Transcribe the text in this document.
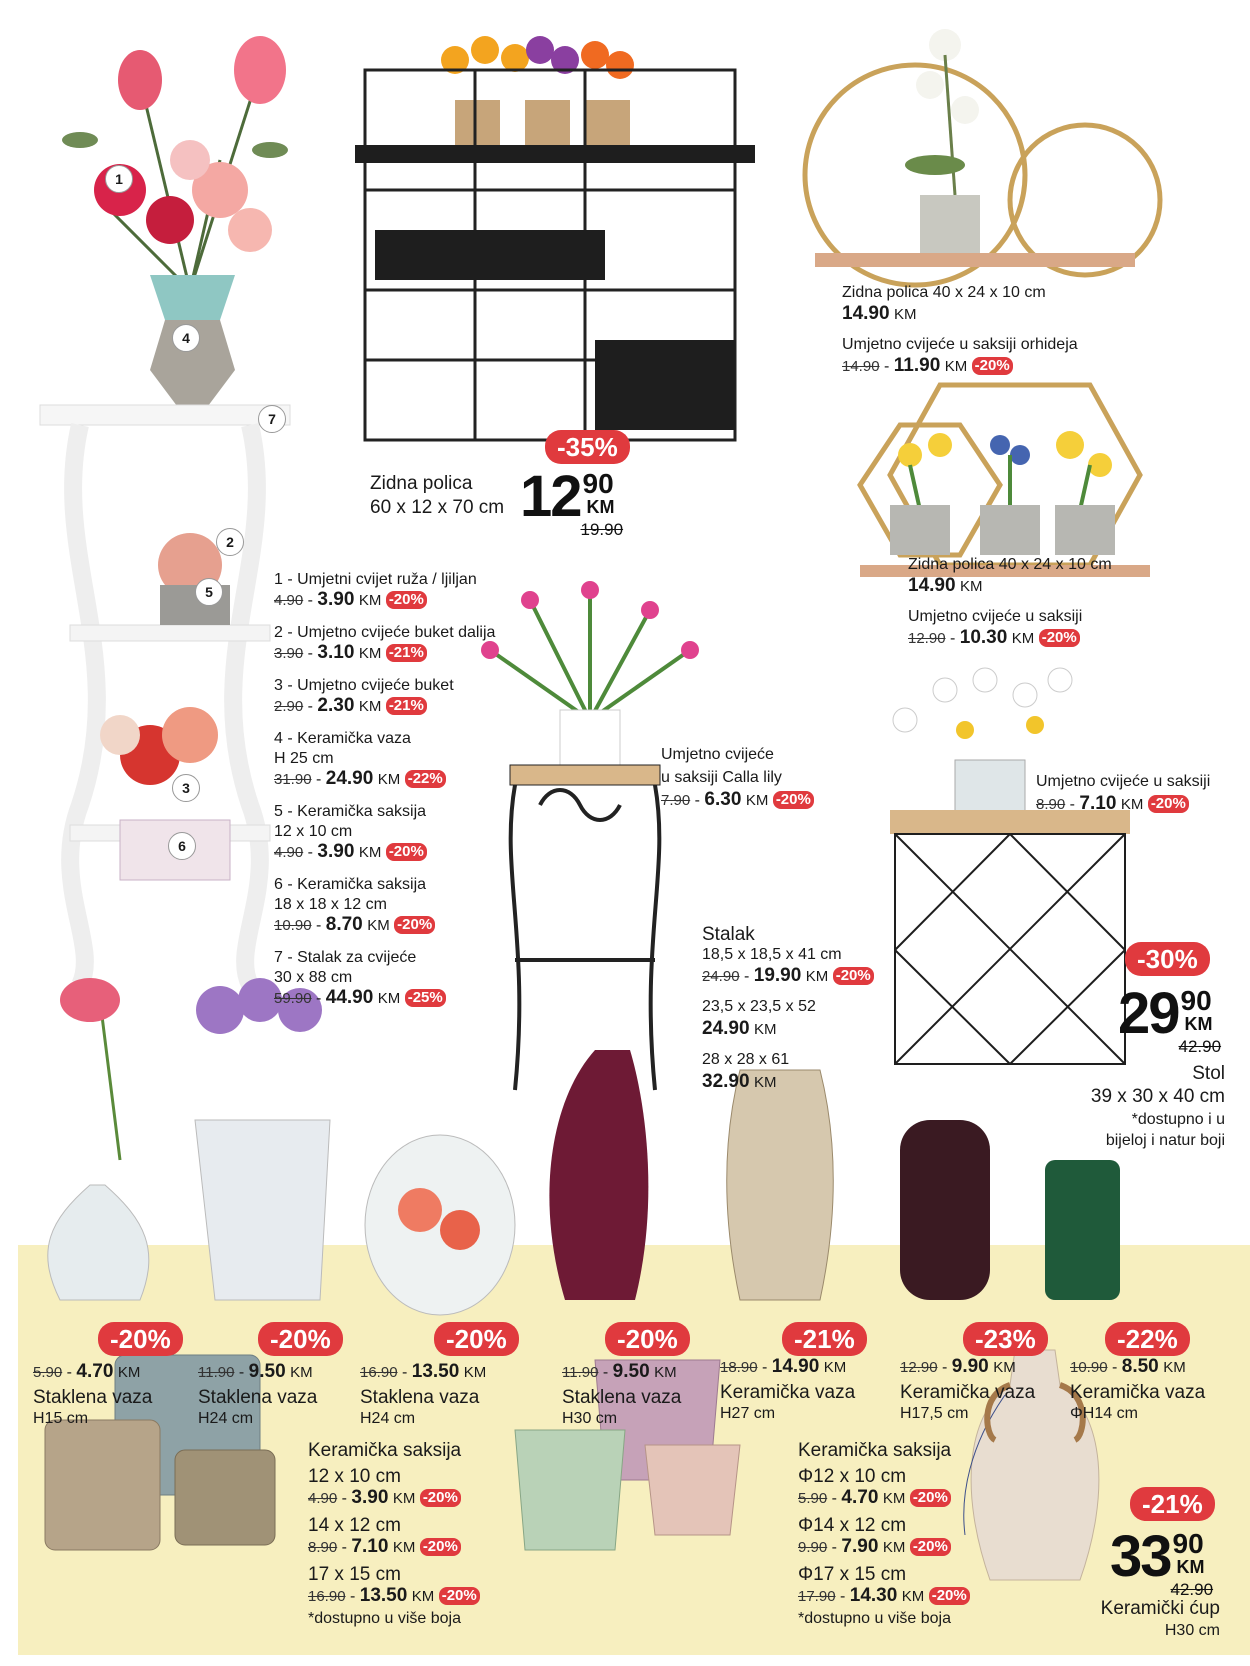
1
2
3
4
5
6
7
-35%
Zidna polica
60 x 12 x 70 cm 12 90
KM
19.90
Zidna polica 40 x 24 x 10 cm
14.90 KM
Umjetno cvijeće u saksiji orhideja
14.90 - 11.90 KM -20%
Zidna polica 40 x 24 x 10 cm
14.90 KM
Umjetno cvijeće u saksiji
12.90 - 10.30 KM -20%
1 - Umjetni cvijet ruža / ljiljan
4.90 - 3.90 KM -20%
2 - Umjetno cvijeće buket dalija
3.90 - 3.10 KM -21%
3 - Umjetno cvijeće buket
2.90 - 2.30 KM -21%
4 - Keramička vaza
H 25 cm
31.90 - 24.90 KM -22%
5 - Keramička saksija
12 x 10 cm
4.90 - 3.90 KM -20%
6 - Keramička saksija
18 x 18 x 12 cm
10.90 - 8.70 KM -20%
7 - Stalak za cvijeće
30 x 88 cm
59.90 - 44.90 KM -25%
Umjetno cvijeće
u saksiji Calla lily
7.90 - 6.30 KM -20%
Umjetno cvijeće u saksiji
8.90 - 7.10 KM -20%
Stalak
18,5 x 18,5 x 41 cm
24.90 - 19.90 KM -20%
23,5 x 23,5 x 52
24.90 KM
28 x 28 x 61
32.90 KM
-30%
29 90
KM
42.90
Stol
39 x 30 x 40 cm
*dostupno i u
bijeloj i natur boji
-20%	-20%	-20%	-20%	-21%	-23%	-22%
5.90 - 4.70 KM
Staklena vaza
H15 cm
11.90 - 9.50 KM
Staklena vaza
H24 cm
16.90 - 13.50 KM
Staklena vaza
H24 cm
11.90 - 9.50 KM
Staklena vaza
H30 cm
18.90 - 14.90 KM
Keramička vaza
H27 cm
12.90 - 9.90 KM
Keramička vaza
H17,5 cm
10.90 - 8.50 KM
Keramička vaza
ΦH14 cm
Keramička saksija
12 x 10 cm
4.90 - 3.90 KM -20%
14 x 12 cm
8.90 - 7.10 KM -20%
17 x 15 cm
16.90 - 13.50 KM -20%
*dostupno u više boja
Keramička saksija
Φ12 x 10 cm
5.90 - 4.70 KM -20%
Φ14 x 12 cm
9.90 - 7.90 KM -20%
Φ17 x 15 cm
17.90 - 14.30 KM -20%
*dostupno u više boja
-21%
33 90
KM
42.90
Keramički ćup
H30 cm
